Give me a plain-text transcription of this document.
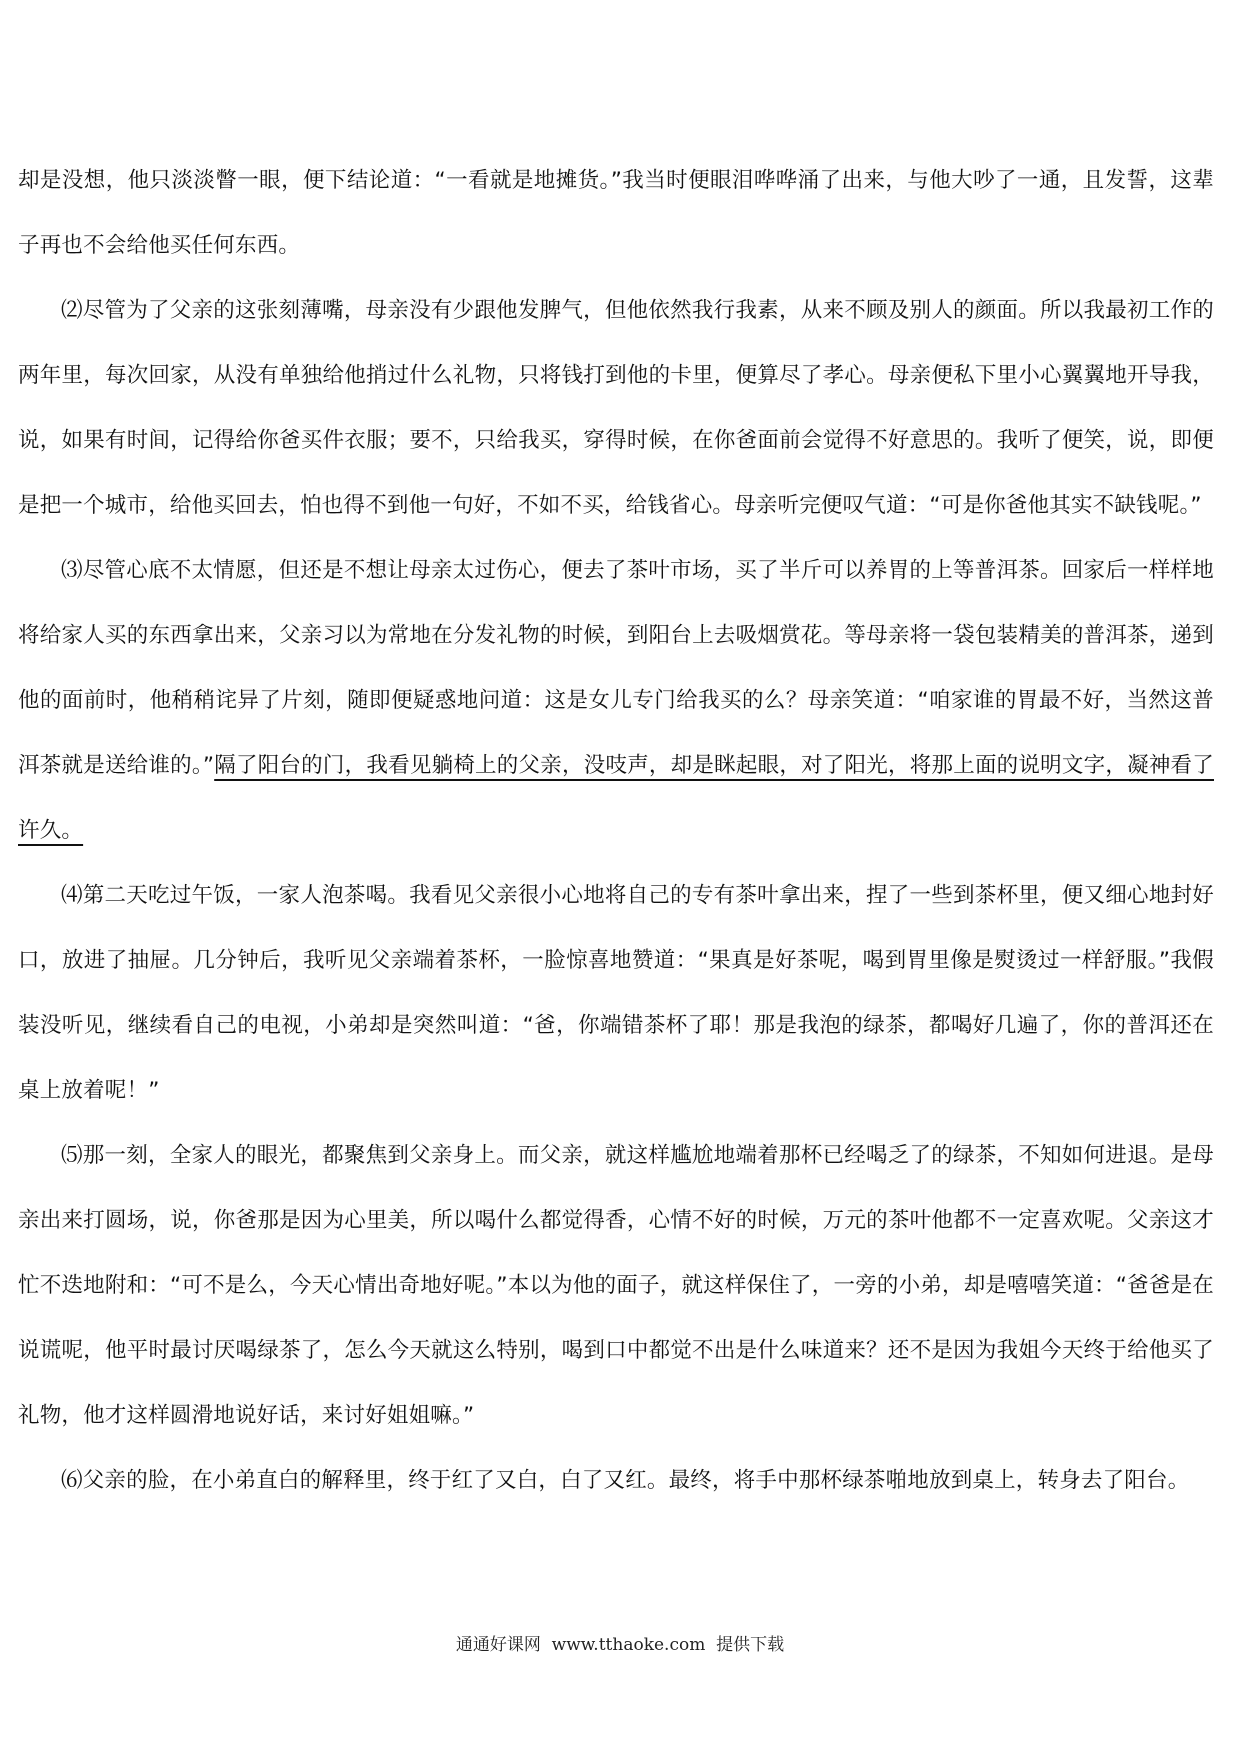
却是没想，他只淡淡瞥一眼，便下结论道：“一看就是地摊货。”我当时便眼泪哗哗涌了出来，与他大吵了一通，且发誓，这辈子再也不会给他买任何东西。

⑵尽管为了父亲的这张刻薄嘴，母亲没有少跟他发脾气，但他依然我行我素，从来不顾及别人的颜面。所以我最初工作的两年里，每次回家，从没有单独给他捎过什么礼物，只将钱打到他的卡里，便算尽了孝心。母亲便私下里小心翼翼地开导我，说，如果有时间，记得给你爸买件衣服；要不，只给我买，穿得时候，在你爸面前会觉得不好意思的。我听了便笑，说，即便是把一个城市，给他买回去，怕也得不到他一句好，不如不买，给钱省心。母亲听完便叹气道：“可是你爸他其实不缺钱呢。”

⑶尽管心底不太情愿，但还是不想让母亲太过伤心，便去了茶叶市场，买了半斤可以养胃的上等普洱茶。回家后一样样地将给家人买的东西拿出来，父亲习以为常地在分发礼物的时候，到阳台上去吸烟赏花。等母亲将一袋包装精美的普洱茶，递到他的面前时，他稍稍诧异了片刻，随即便疑惑地问道：这是女儿专门给我买的么？母亲笑道：“咱家谁的胃最不好，当然这普洱茶就是送给谁的。”隔了阳台的门，我看见躺椅上的父亲，没吱声，却是眯起眼，对了阳光，将那上面的说明文字，凝神看了许久。

⑷第二天吃过午饭，一家人泡茶喝。我看见父亲很小心地将自己的专有茶叶拿出来，捏了一些到茶杯里，便又细心地封好口，放进了抽屉。几分钟后，我听见父亲端着茶杯，一脸惊喜地赞道：“果真是好茶呢，喝到胃里像是熨烫过一样舒服。”我假装没听见，继续看自己的电视，小弟却是突然叫道：“爸，你端错茶杯了耶！那是我泡的绿茶，都喝好几遍了，你的普洱还在桌上放着呢！”

⑸那一刻，全家人的眼光，都聚焦到父亲身上。而父亲，就这样尴尬地端着那杯已经喝乏了的绿茶，不知如何进退。是母亲出来打圆场，说，你爸那是因为心里美，所以喝什么都觉得香，心情不好的时候，万元的茶叶他都不一定喜欢呢。父亲这才忙不迭地附和：“可不是么，今天心情出奇地好呢。”本以为他的面子，就这样保住了，一旁的小弟，却是嘻嘻笑道：“爸爸是在说谎呢，他平时最讨厌喝绿茶了，怎么今天就这么特别，喝到口中都觉不出是什么味道来？还不是因为我姐今天终于给他买了礼物，他才这样圆滑地说好话，来讨好姐姐嘛。”

⑹父亲的脸，在小弟直白的解释里，终于红了又白，白了又红。最终，将手中那杯绿茶啪地放到桌上，转身去了阳台。

通通好课网  www.tthaoke.com  提供下载
